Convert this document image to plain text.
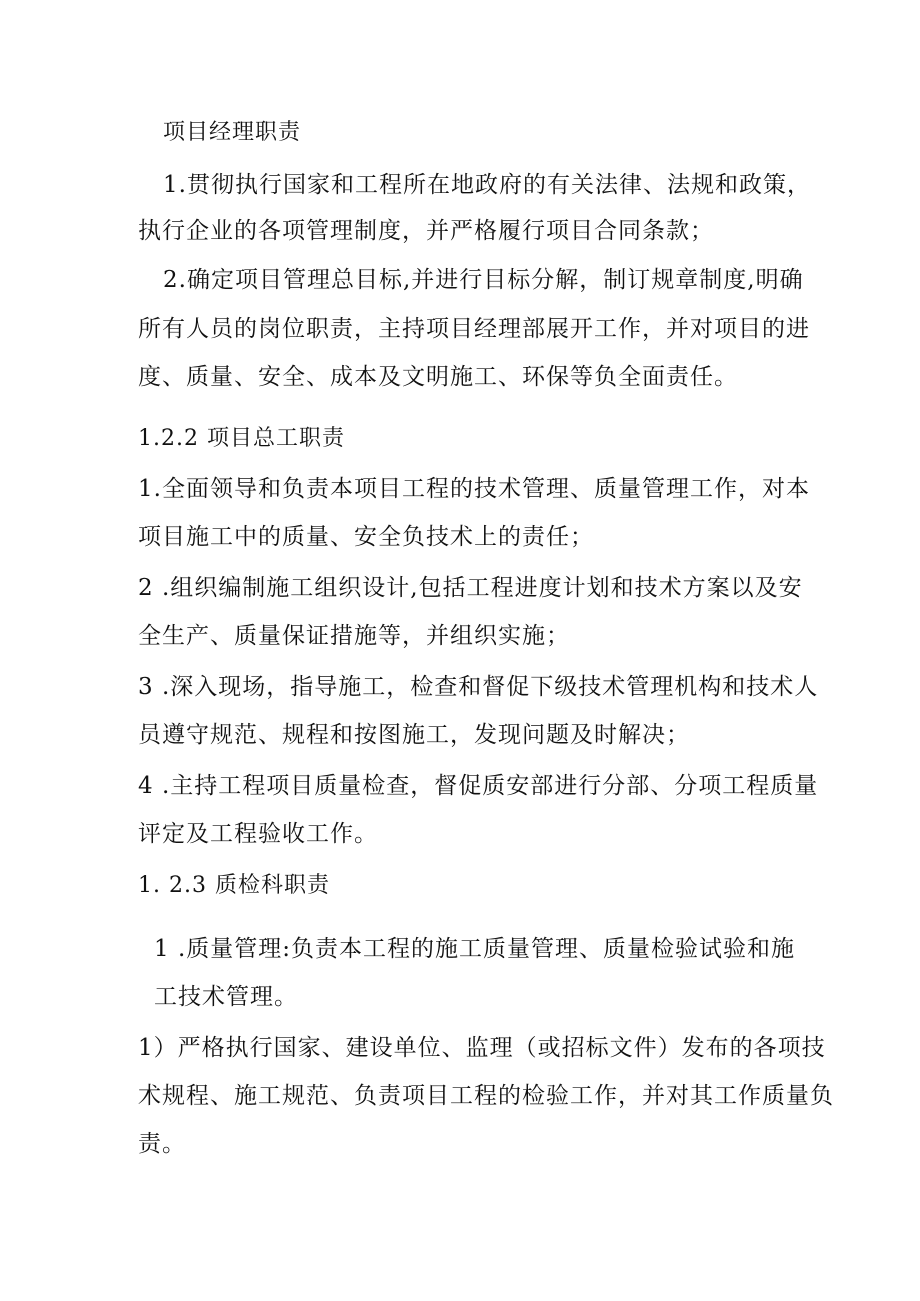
项目经理职责
1.贯彻执行国家和工程所在地政府的有关法律、法规和政策，
执行企业的各项管理制度，并严格履行项目合同条款；
2.确定项目管理总目标,并进行目标分解，制订规章制度,明确
所有人员的岗位职责，主持项目经理部展开工作，并对项目的进
度、质量、安全、成本及文明施工、环保等负全面责任。
1.2.2 项目总工职责
1.全面领导和负责本项目工程的技术管理、质量管理工作，对本
项目施工中的质量、安全负技术上的责任；
2 .组织编制施工组织设计,包括工程进度计划和技术方案以及安
全生产、质量保证措施等，并组织实施；
3 .深入现场，指导施工，检查和督促下级技术管理机构和技术人
员遵守规范、规程和按图施工，发现问题及时解决；
4 .主持工程项目质量检查，督促质安部进行分部、分项工程质量
评定及工程验收工作。
1. 2.3 质检科职责
1 .质量管理:负责本工程的施工质量管理、质量检验试验和施
工技术管理。
1）严格执行国家、建设单位、监理（或招标文件）发布的各项技
术规程、施工规范、负责项目工程的检验工作，并对其工作质量负
责。
